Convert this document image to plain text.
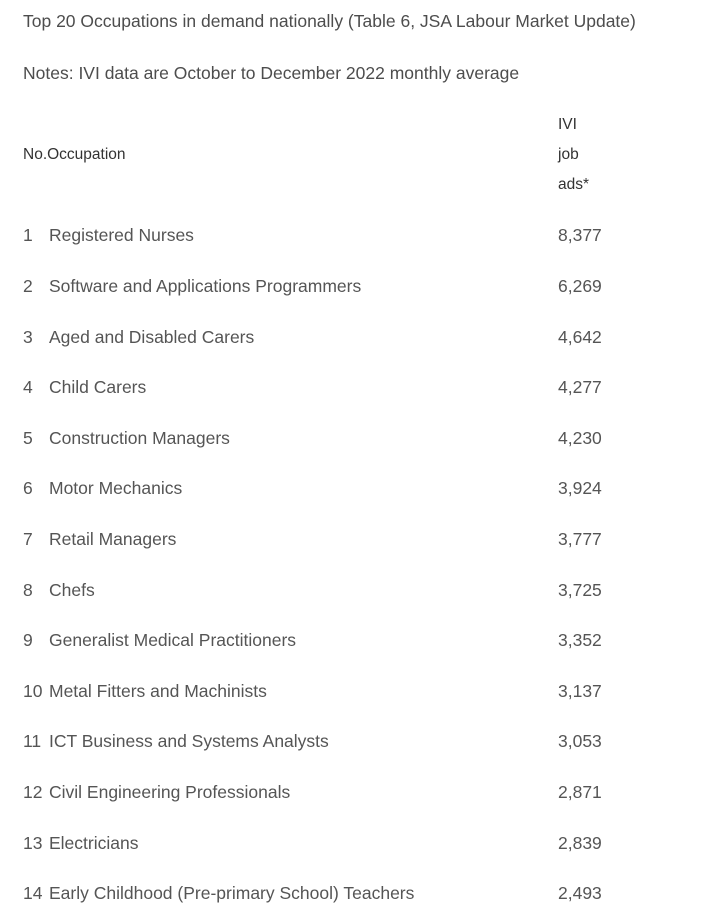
Top 20 Occupations in demand nationally (Table 6, JSA Labour Market Update)
Notes: IVI data are October to December 2022 monthly average
No.Occupation
IVI
job
ads*
1 Registered Nurses	8,377
2 Software and Applications Programmers	6,269
3 Aged and Disabled Carers	4,642
4 Child Carers	4,277
5 Construction Managers	4,230
6 Motor Mechanics	3,924
7 Retail Managers	3,777
8 Chefs	3,725
9 Generalist Medical Practitioners	3,352
10 Metal Fitters and Machinists	3,137
11 ICT Business and Systems Analysts	3,053
12 Civil Engineering Professionals	2,871
13 Electricians	2,839
14 Early Childhood (Pre-primary School) Teachers	2,493
